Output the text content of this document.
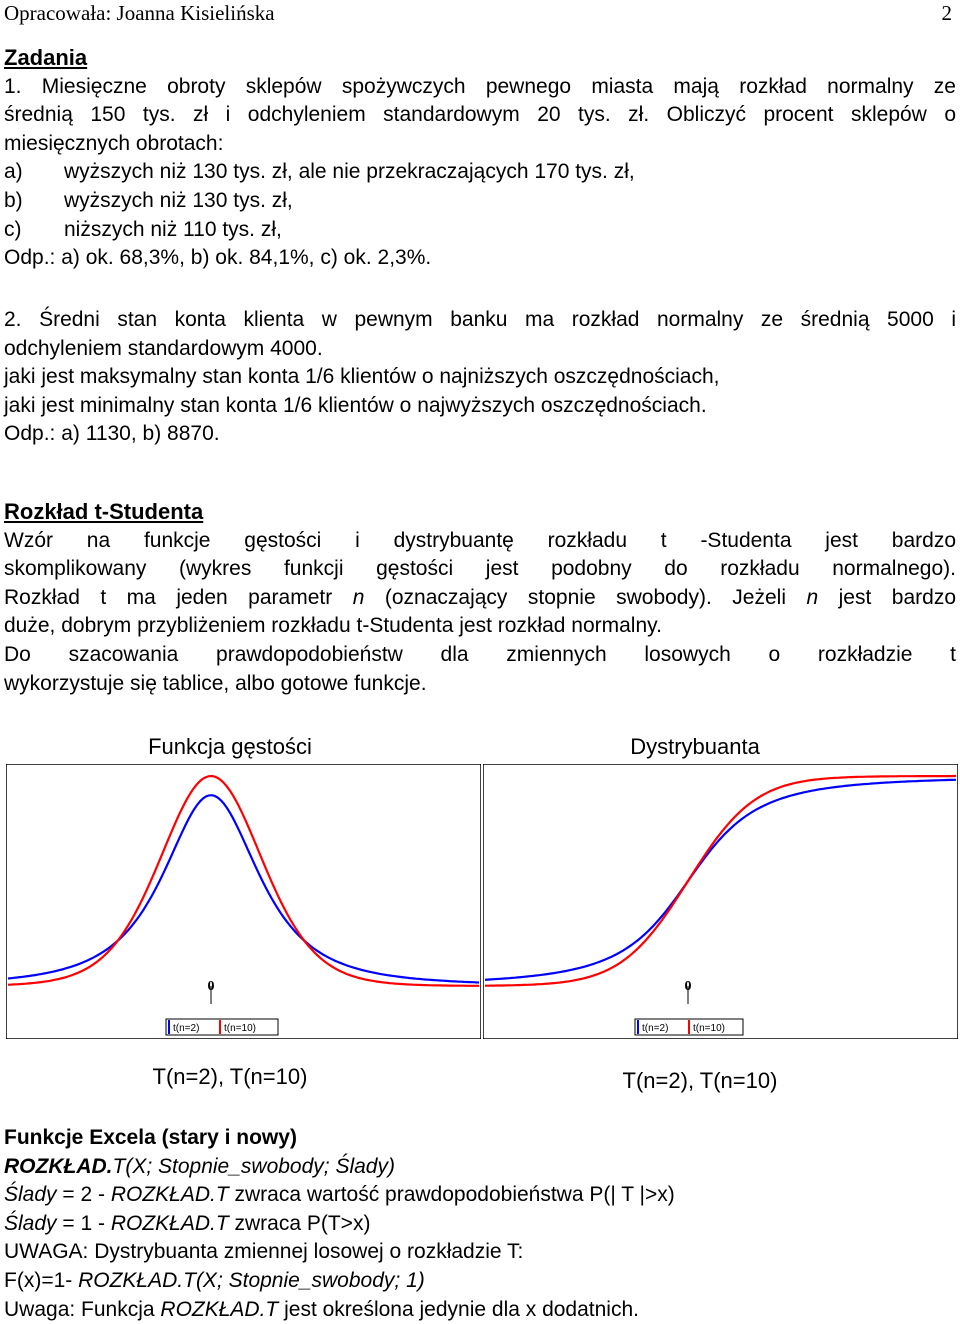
Opracowała: Joanna Kisielińska	2
Zadania
1. Miesięczne obroty sklepów spożywczych pewnego miasta mają rozkład normalny ze
średnią 150 tys. zł i odchyleniem standardowym 20 tys. zł. Obliczyć procent sklepów o
miesięcznych obrotach:
a)	wyższych niż 130 tys. zł, ale nie przekraczających 170 tys. zł,
b)	wyższych niż 130 tys. zł,
c)	niższych niż 110 tys. zł,
Odp.: a) ok. 68,3%, b) ok. 84,1%, c) ok. 2,3%.
2. Średni stan konta klienta w pewnym banku ma rozkład normalny ze średnią 5000 i
odchyleniem standardowym 4000.
jaki jest maksymalny stan konta 1/6 klientów o najniższych oszczędnościach,
jaki jest minimalny stan konta 1/6 klientów o najwyższych oszczędnościach.
Odp.: a) 1130, b) 8870.
Rozkład t-Studenta
Wzór na funkcje gęstości i dystrybuantę rozkładu t -Studenta jest bardzo
skomplikowany (wykres funkcji gęstości jest podobny do rozkładu normalnego).
Rozkład t ma jeden parametr n (oznaczający stopnie swobody). Jeżeli n jest bardzo
duże, dobrym przybliżeniem rozkładu t-Studenta jest rozkład normalny.
Do szacowania prawdopodobieństw dla zmiennych losowych o rozkładzie t
wykorzystuje się tablice, albo gotowe funkcje.
Funkcja gęstości	Dystrybuanta
0
t(n=2) t(n=10)
0
t(n=2) t(n=10)
T(n=2), T(n=10)	T(n=2), T(n=10)
Funkcje Excela (stary i nowy)
ROZKŁAD.T(X; Stopnie_swobody; Ślady)
Ślady = 2 - ROZKŁAD.T zwraca wartość prawdopodobieństwa P(| T |>x)
Ślady = 1 - ROZKŁAD.T zwraca P(T>x)
UWAGA: Dystrybuanta zmiennej losowej o rozkładzie T:
F(x)=1- ROZKŁAD.T(X; Stopnie_swobody; 1)
Uwaga: Funkcja ROZKŁAD.T jest określona jedynie dla x dodatnich.
